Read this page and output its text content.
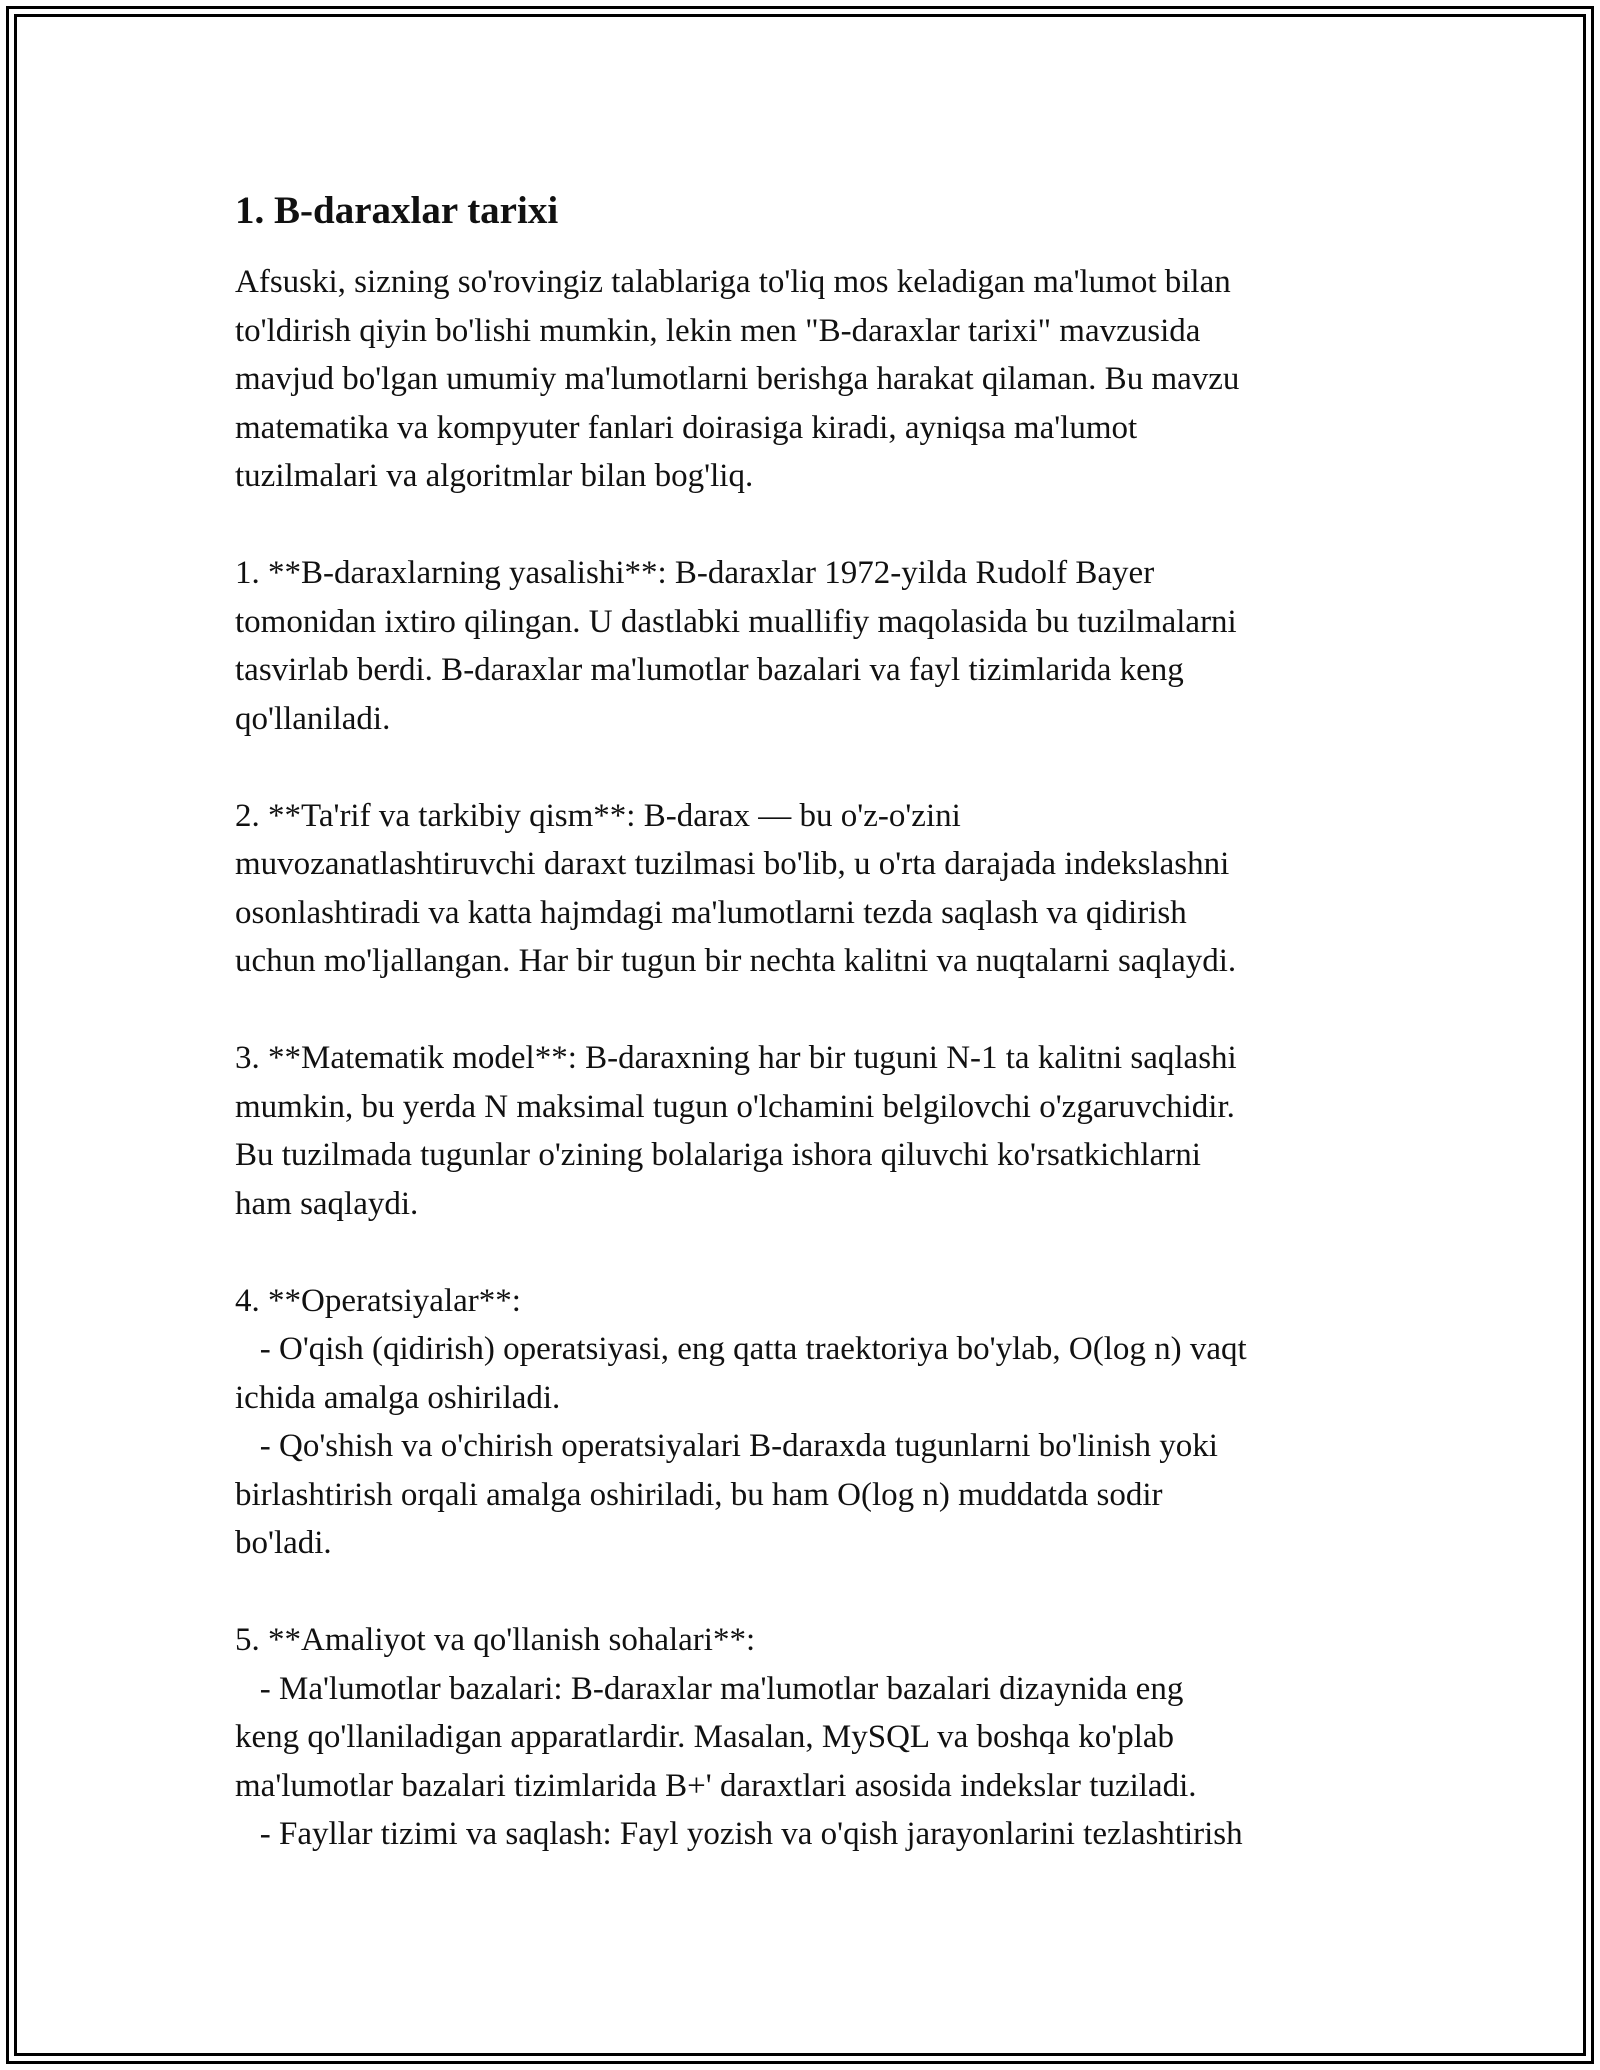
1. B-daraxlar tarixi

Afsuski, sizning so'rovingiz talablariga to'liq mos keladigan ma'lumot bilan
to'ldirish qiyin bo'lishi mumkin, lekin men "B-daraxlar tarixi" mavzusida
mavjud bo'lgan umumiy ma'lumotlarni berishga harakat qilaman. Bu mavzu
matematika va kompyuter fanlari doirasiga kiradi, ayniqsa ma'lumot
tuzilmalari va algoritmlar bilan bog'liq.

1. **B-daraxlarning yasalishi**: B-daraxlar 1972-yilda Rudolf Bayer
tomonidan ixtiro qilingan. U dastlabki muallifiy maqolasida bu tuzilmalarni
tasvirlab berdi. B-daraxlar ma'lumotlar bazalari va fayl tizimlarida keng
qo'llaniladi.

2. **Ta'rif va tarkibiy qism**: B-darax — bu o'z-o'zini
muvozanatlashtiruvchi daraxt tuzilmasi bo'lib, u o'rta darajada indekslashni
osonlashtiradi va katta hajmdagi ma'lumotlarni tezda saqlash va qidirish
uchun mo'ljallangan. Har bir tugun bir nechta kalitni va nuqtalarni saqlaydi.

3. **Matematik model**: B-daraxning har bir tuguni N-1 ta kalitni saqlashi
mumkin, bu yerda N maksimal tugun o'lchamini belgilovchi o'zgaruvchidir.
Bu tuzilmada tugunlar o'zining bolalariga ishora qiluvchi ko'rsatkichlarni
ham saqlaydi.

4. **Operatsiyalar**:
- O'qish (qidirish) operatsiyasi, eng qatta traektoriya bo'ylab, O(log n) vaqt
ichida amalga oshiriladi.
- Qo'shish va o'chirish operatsiyalari B-daraxda tugunlarni bo'linish yoki
birlashtirish orqali amalga oshiriladi, bu ham O(log n) muddatda sodir
bo'ladi.

5. **Amaliyot va qo'llanish sohalari**:
- Ma'lumotlar bazalari: B-daraxlar ma'lumotlar bazalari dizaynida eng
keng qo'llaniladigan apparatlardir. Masalan, MySQL va boshqa ko'plab
ma'lumotlar bazalari tizimlarida B+' daraxtlari asosida indekslar tuziladi.
- Fayllar tizimi va saqlash: Fayl yozish va o'qish jarayonlarini tezlashtirish
